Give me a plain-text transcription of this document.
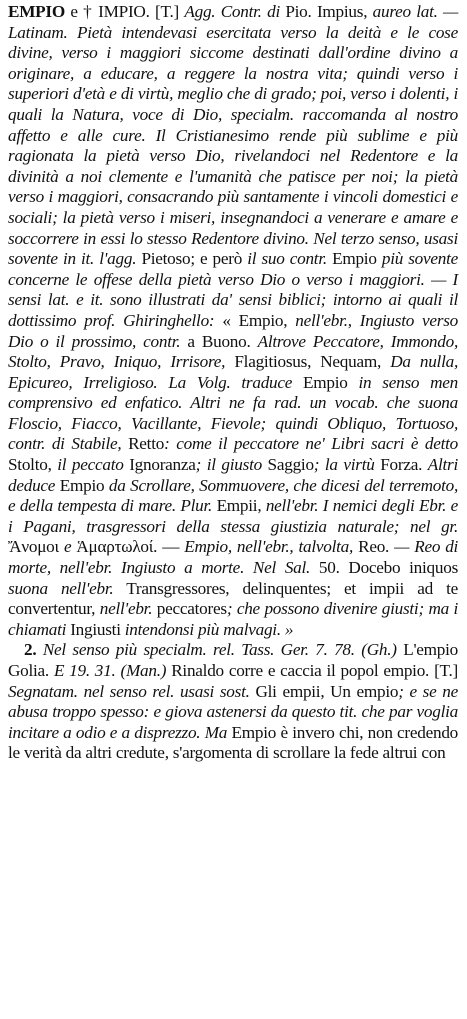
EMPIO e † IMPIO. [T.] Agg. Contr. di Pio. Impius, aureo lat. — Latinam. Pietà intendevasi esercitata verso la deità e le cose divine, verso i maggiori siccome destinati dall'ordine divino a originare, a educare, a reggere la nostra vita; quindi verso i superiori d'età e di virtù, meglio che di grado; poi, verso i dolenti, i quali la Natura, voce di Dio, specialm. raccomanda al nostro affetto e alle cure. Il Cristianesimo rende più sublime e più ragionata la pietà verso Dio, rivelandoci nel Redentore e la divinità a noi clemente e l'umanità che patisce per noi; la pietà verso i maggiori, consacrando più santamente i vincoli domestici e sociali; la pietà verso i miseri, insegnandoci a venerare e amare e soccorrere in essi lo stesso Redentore divino. Nel terzo senso, usasi sovente in it. l'agg. Pietoso; e però il suo contr. Empio più sovente concerne le offese della pietà verso Dio o verso i maggiori. — I sensi lat. e it. sono illustrati da' sensi biblici; intorno ai quali il dottissimo prof. Ghiringhello: « Empio, nell'ebr., Ingiusto verso Dio o il prossimo, contr. a Buono. Altrove Peccatore, Immondo, Stolto, Pravo, Iniquo, Irrisore, Flagitiosus, Nequam, Da nulla, Epicureo, Irreligioso. La Volg. traduce Empio in senso men comprensivo ed enfatico. Altri ne fa rad. un vocab. che suona Floscio, Fiacco, Vacillante, Fievole; quindi Obliquo, Tortuoso, contr. di Stabile, Retto: come il peccatore ne' Libri sacri è detto Stolto, il peccato Ignoranza; il giusto Saggio; la virtù Forza. Altri deduce Empio da Scrollare, Sommuovere, che dicesi del terremoto, e della tempesta di mare. Plur. Empii, nell'ebr. I nemici degli Ebr. e i Pagani, trasgressori della stessa giustizia naturale; nel gr. Ἄνομοι e Ἁμαρτωλοί. — Empio, nell'ebr., talvolta, Reo. — Reo di morte, nell'ebr. Ingiusto a morte. Nel Sal. 50. Docebo iniquos suona nell'ebr. Transgressores, delinquentes; et impii ad te convertentur, nell'ebr. peccatores; che possono divenire giusti; ma i chiamati Ingiusti intendonsi più malvagi. »

2. Nel senso più specialm. rel. Tass. Ger. 7. 78. (Gh.) L'empio Golia. E 19. 31. (Man.) Rinaldo corre e caccia il popol empio. [T.] Segnatam. nel senso rel. usasi sost. Gli empii, Un empio; e se ne abusa troppo spesso: e giova astenersi da questo tit. che par voglia incitare a odio e a disprezzo. Ma Empio è invero chi, non credendo le verità da altri credute, s'argomenta di scrollare la fede altrui con
